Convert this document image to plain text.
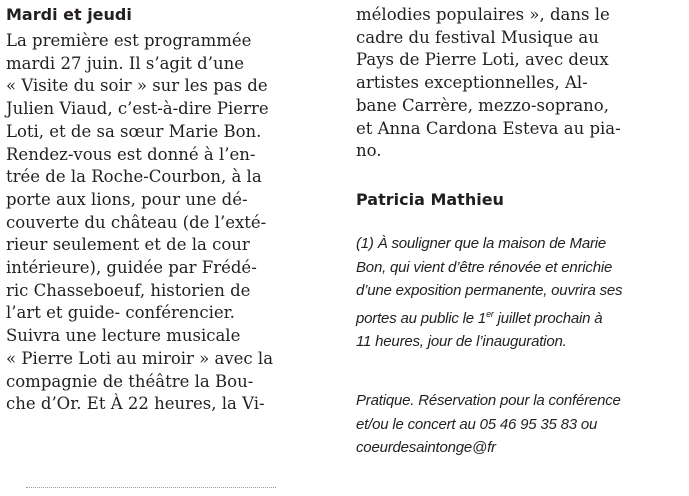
Mardi et jeudi
La première est programmée
mardi 27 juin. Il s’agit d’une
« Visite du soir » sur les pas de
Julien Viaud, c’est-à-dire Pierre
Loti, et de sa sœur Marie Bon.
Rendez-vous est donné à l’en-
trée de la Roche-Courbon, à la
porte aux lions, pour une dé-
couverte du château (de l’exté-
rieur seulement et de la cour
intérieure), guidée par Frédé-
ric Chasseboeuf, historien de
l’art et guide- conférencier.
Suivra une lecture musicale
« Pierre Loti au miroir » avec la
compagnie de théâtre la Bou-
che d’Or. Et À 22 heures, la Vi-
mélodies populaires », dans le
cadre du festival Musique au
Pays de Pierre Loti, avec deux
artistes exceptionnelles, Al-
bane Carrère, mezzo-soprano,
et Anna Cardona Esteva au pia-
no.
Patricia Mathieu
(1) À souligner que la maison de Marie
Bon, qui vient d’être rénovée et enrichie
d’une exposition permanente, ouvrira ses
portes au public le 1er juillet prochain à
11 heures, jour de l’inauguration.
Pratique. Réservation pour la conférence
et/ou le concert au 05 46 95 35 83 ou
coeurdesaintonge@fr
